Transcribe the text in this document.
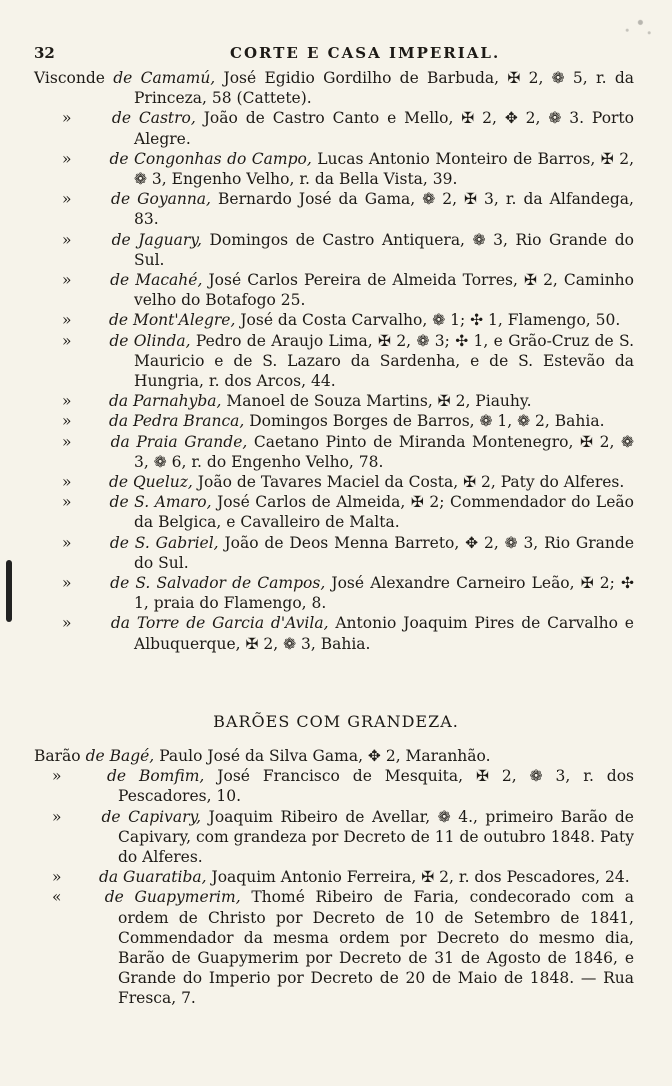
32	CORTE E CASA IMPERIAL.

Visconde de Camamú, José Egidio Gordilho de Barbuda, ✠ 2, ❁ 5, r. da Princeza, 58 (Cattete).

»	de Castro, João de Castro Canto e Mello, ✠ 2, ✥ 2, ❁ 3. Porto Alegre.

» de Congonhas do Campo, Lucas Antonio Monteiro de Barros, ✠ 2, ❁ 3, Engenho Velho, r. da Bella Vista, 39.

»	de Goyanna, Bernardo José da Gama, ❁ 2, ✠ 3, r. da Alfandega, 83.

»	de Jaguary, Domingos de Castro Antiquera, ❁ 3, Rio Grande do Sul.

» de Macahé, José Carlos Pereira de Almeida Torres, ✠ 2, Caminho velho do Botafogo 25.

» de Mont'Alegre, José da Costa Carvalho, ❁ 1; ✣ 1, Flamengo, 50.

» de Olinda, Pedro de Araujo Lima, ✠ 2, ❁ 3; ✣ 1, e Grão-Cruz de S. Mauricio e de S. Lazaro da Sardenha, e de S. Estevão da Hungria, r. dos Arcos, 44.

» da Parnahyba, Manoel de Souza Martins, ✠ 2, Piauhy.

» da Pedra Branca, Domingos Borges de Barros, ❁ 1, ❁ 2, Bahia.

»	da Praia Grande, Caetano Pinto de Miranda Montenegro, ✠ 2, ❁ 3, ❁ 6, r. do Engenho Velho, 78.

» de Queluz, João de Tavares Maciel da Costa, ✠ 2, Paty do Alferes.

» de S. Amaro, José Carlos de Almeida, ✠ 2; Commendador do Leão da Belgica, e Cavalleiro de Malta.

» de S. Gabriel, João de Deos Menna Barreto, ✥ 2, ❁ 3, Rio Grande do Sul.

» de S. Salvador de Campos, José Alexandre Carneiro Leão, ✠ 2; ✣ 1, praia do Flamengo, 8.

»	da Torre de Garcia d'Avila, Antonio Joaquim Pires de Carvalho e Albuquerque, ✠ 2, ❁ 3, Bahia.

BARÕES COM GRANDEZA.

Barão de Bagé, Paulo José da Silva Gama, ✥ 2, Maranhão.

»	de Bomfim, José Francisco de Mesquita, ✠ 2, ❁ 3, r. dos Pescadores, 10.

»	de Capivary, Joaquim Ribeiro de Avellar, ❁ 4., primeiro Barão de Capivary, com grandeza por Decreto de 11 de outubro 1848. Paty do Alferes.

» da Guaratiba, Joaquim Antonio Ferreira, ✠ 2, r. dos Pescadores, 24.

«	de Guapymerim, Thomé Ribeiro de Faria, condecorado com a ordem de Christo por Decreto de 10 de Setembro de 1841, Commendador da mesma ordem por Decreto do mesmo dia, Barão de Guapymerim por Decreto de 31 de Agosto de 1846, e Grande do Imperio por Decreto de 20 de Maio de 1848. — Rua Fresca, 7.
